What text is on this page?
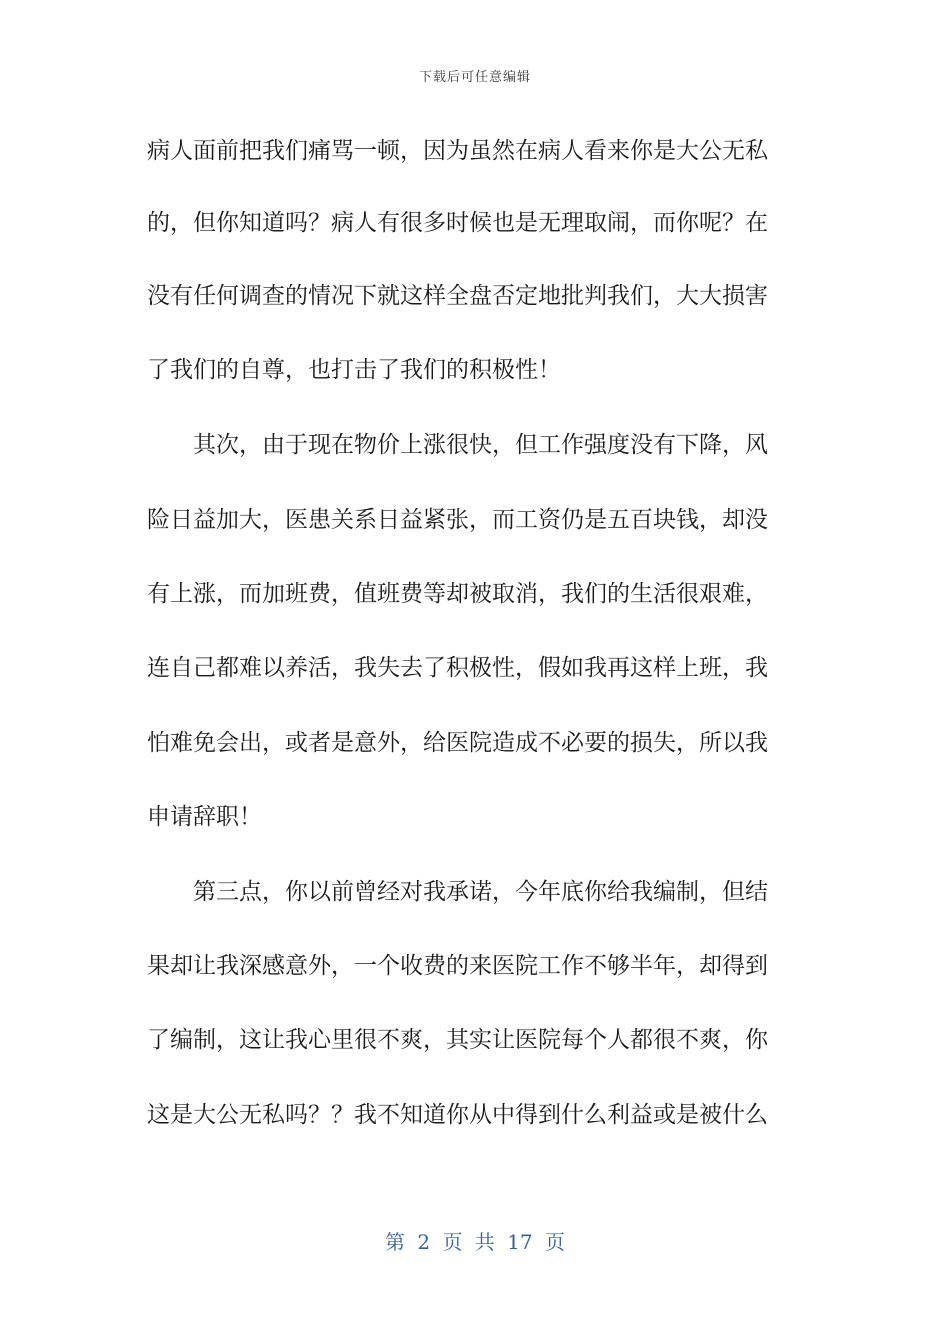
下载后可任意编辑
病人面前把我们痛骂一顿，因为虽然在病人看来你是大公无私
的，但你知道吗？病人有很多时候也是无理取闹，而你呢？在
没有任何调查的情况下就这样全盘否定地批判我们，大大损害
了我们的自尊，也打击了我们的积极性！
　　其次，由于现在物价上涨很快，但工作强度没有下降，风
险日益加大，医患关系日益紧张，而工资仍是五百块钱，却没
有上涨，而加班费，值班费等却被取消，我们的生活很艰难，
连自己都难以养活，我失去了积极性，假如我再这样上班，我
怕难免会出，或者是意外，给医院造成不必要的损失，所以我
申请辞职！
　　第三点，你以前曾经对我承诺，今年底你给我编制，但结
果却让我深感意外，一个收费的来医院工作不够半年，却得到
了编制，这让我心里很不爽，其实让医院每个人都很不爽，你
这是大公无私吗？？我不知道你从中得到什么利益或是被什么
第 2 页 共 17 页
